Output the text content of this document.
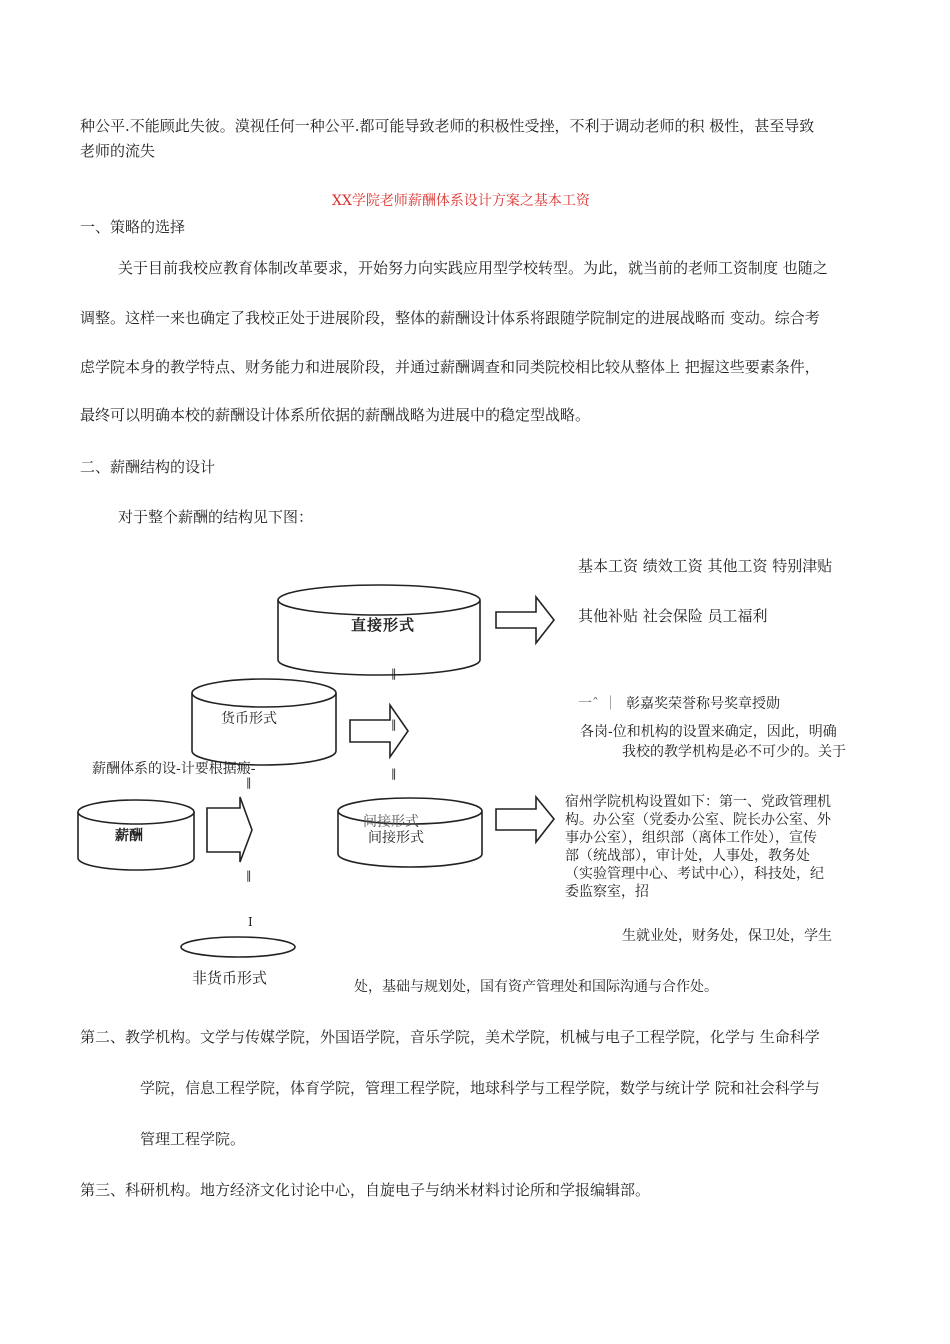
种公平.不能顾此失彼。漠视任何一种公平.都可能导致老师的积极性受挫，不利于调动老师的积 极性，甚至导致
老师的流失
XX学院老师薪酬体系设计方案之基本工资
一、策略的选择
关于目前我校应教育体制改革要求，开始努力向实践应用型学校转型。为此，就当前的老师工资制度 也随之
调整。这样一来也确定了我校正处于进展阶段，整体的薪酬设计体系将跟随学院制定的进展战略而 变动。综合考
虑学院本身的教学特点、财务能力和进展阶段，并通过薪酬调查和同类院校相比较从整体上 把握这些要素条件，
最终可以明确本校的薪酬设计体系所依据的薪酬战略为进展中的稳定型战略。
二、薪酬结构的设计
对于整个薪酬的结构见下图：
直接形式
货币形式
薪酬
间接形式
间接形式
非货币形式
薪酬体系的设-计要根据瘢-
‖
‖
‖
‖
‖
I
基本工资 绩效工资 其他工资 特别津贴
其他补贴 社会保险 员工福利
一ˆ ｜ 彰嘉奖荣誉称号奖章授勋
各岗-位和机构的设置来确定，因此，明确
我校的教学机构是必不可少的。关于
宿州学院机构设置如下：第一、党政管理机
构。办公室（党委办公室、院长办公室、外
事办公室），组织部（离体工作处），宣传
部（统战部），审计处，人事处，教务处
（实验管理中心、考试中心），科技处，纪
委监察室，招
生就业处，财务处，保卫处，学生
处，基础与规划处，国有资产管理处和国际沟通与合作处。
第二、教学机构。文学与传媒学院，外国语学院，音乐学院，美术学院，机械与电子工程学院，化学与 生命科学
学院，信息工程学院，体育学院，管理工程学院，地球科学与工程学院，数学与统计学 院和社会科学与
管理工程学院。
第三、科研机构。地方经济文化讨论中心，自旋电子与纳米材料讨论所和学报编辑部。
